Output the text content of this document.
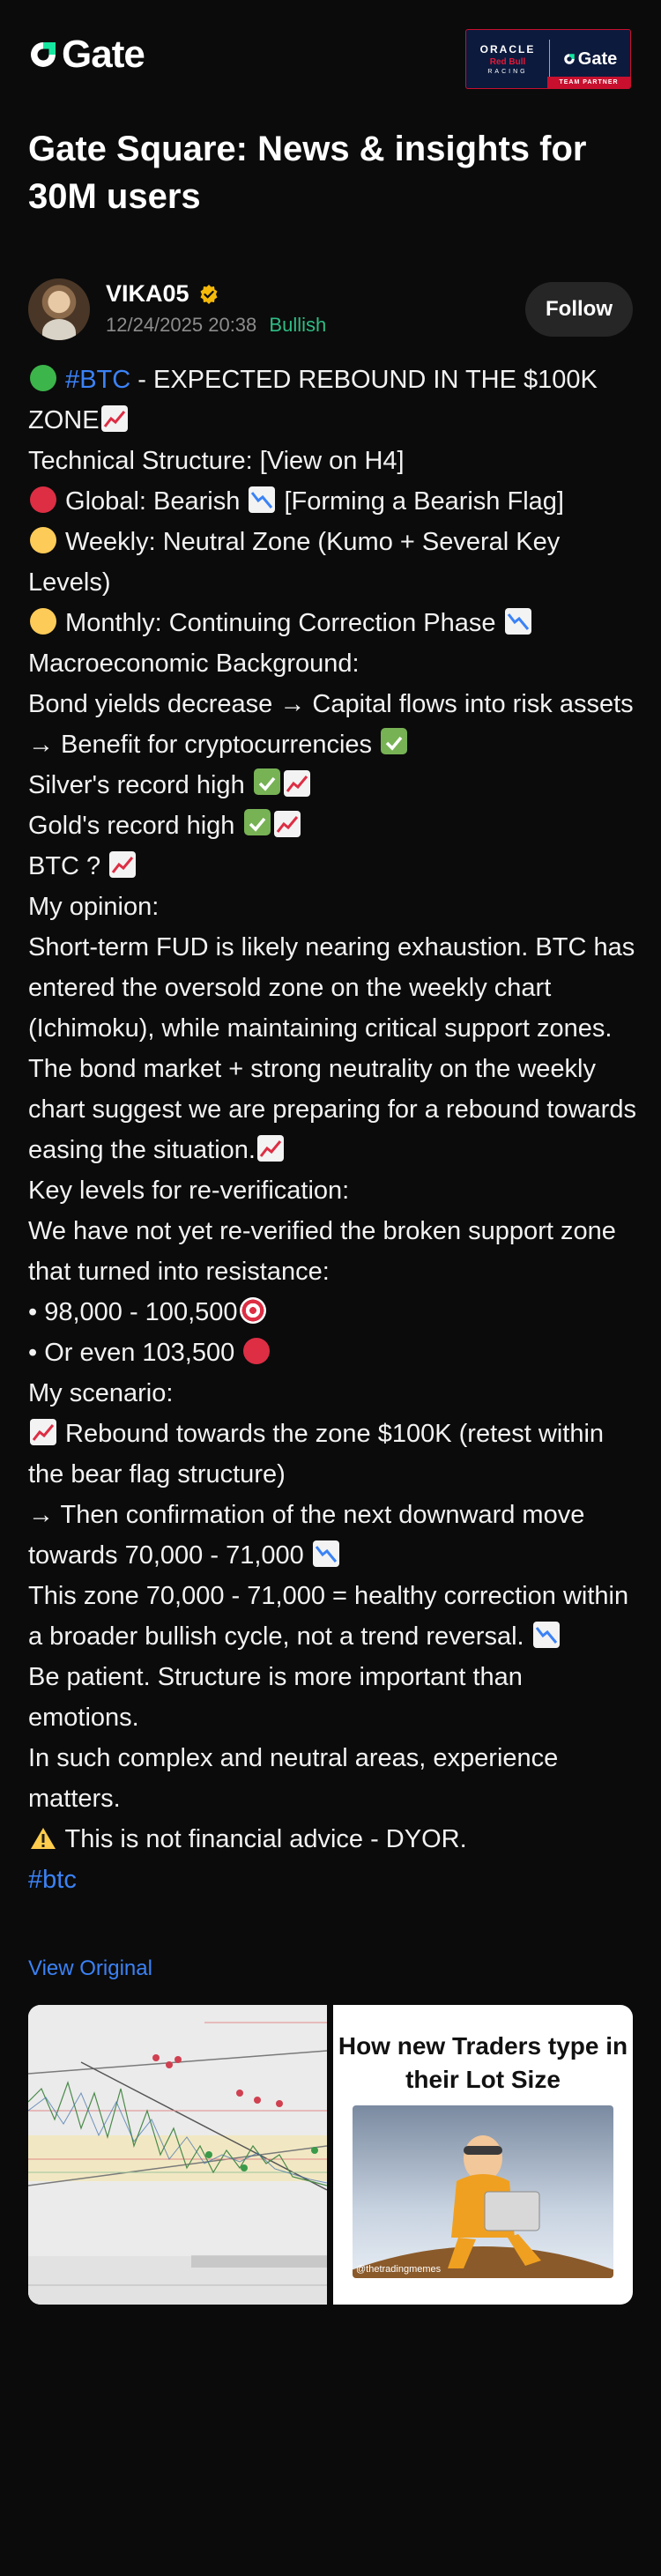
Gate	ORACLE
Red Bull
RACING
Gate
TEAM PARTNER
Gate Square: News & insights for 30M users
VIKA05
12/24/2025 20:38 Bullish
Follow

#BTC - EXPECTED REBOUND IN THE $100K ZONE

Technical Structure: [View on H4]

Global: Bearish
[Forming a Bearish Flag]

Weekly: Neutral Zone (Kumo + Several Key Levels)

Monthly: Continuing Correction Phase

Macroeconomic Background:

Bond yields decrease → Capital flows into risk assets → Benefit for cryptocurrencies

Silver's record high

Gold's record high

BTC ?

My opinion:

Short-term FUD is likely nearing exhaustion. BTC has entered the oversold zone on the weekly chart (Ichimoku), while maintaining critical support zones. The bond market + strong neutrality on the weekly chart suggest we are preparing for a rebound towards easing the situation.

Key levels for re-verification:

We have not yet re-verified the broken support zone that turned into resistance:

• 98,000 - 100,500

• Or even 103,500

My scenario:

Rebound towards the zone $100K (retest within the bear flag structure)

→ Then confirmation of the next downward move towards 70,000 - 71,000

This zone 70,000 - 71,000 = healthy correction within a broader bullish cycle, not a trend reversal.

Be patient. Structure is more important than emotions.

In such complex and neutral areas, experience matters.

This is not financial advice - DYOR.

#btc

View Original
How new Traders type in their Lot Size
@thetradingmemes
